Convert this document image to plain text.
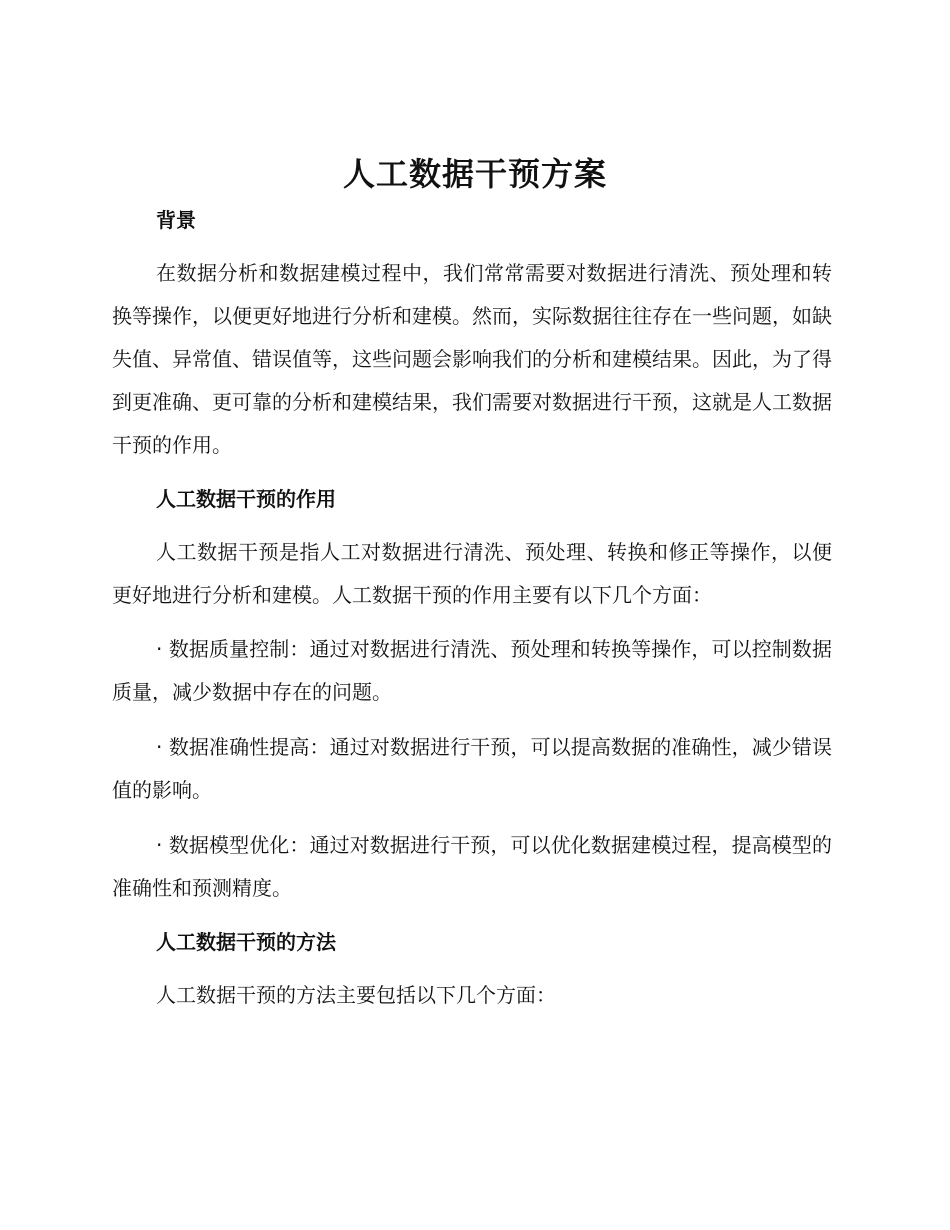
人工数据干预方案
背景
在数据分析和数据建模过程中，我们常常需要对数据进行清洗、预处理和转换等操作，以便更好地进行分析和建模。然而，实际数据往往存在一些问题，如缺失值、异常值、错误值等，这些问题会影响我们的分析和建模结果。因此，为了得到更准确、更可靠的分析和建模结果，我们需要对数据进行干预，这就是人工数据干预的作用。
人工数据干预的作用
人工数据干预是指人工对数据进行清洗、预处理、转换和修正等操作，以便更好地进行分析和建模。人工数据干预的作用主要有以下几个方面：
· 数据质量控制：通过对数据进行清洗、预处理和转换等操作，可以控制数据质量，减少数据中存在的问题。
· 数据准确性提高：通过对数据进行干预，可以提高数据的准确性，减少错误值的影响。
· 数据模型优化：通过对数据进行干预，可以优化数据建模过程，提高模型的准确性和预测精度。
人工数据干预的方法
人工数据干预的方法主要包括以下几个方面：
